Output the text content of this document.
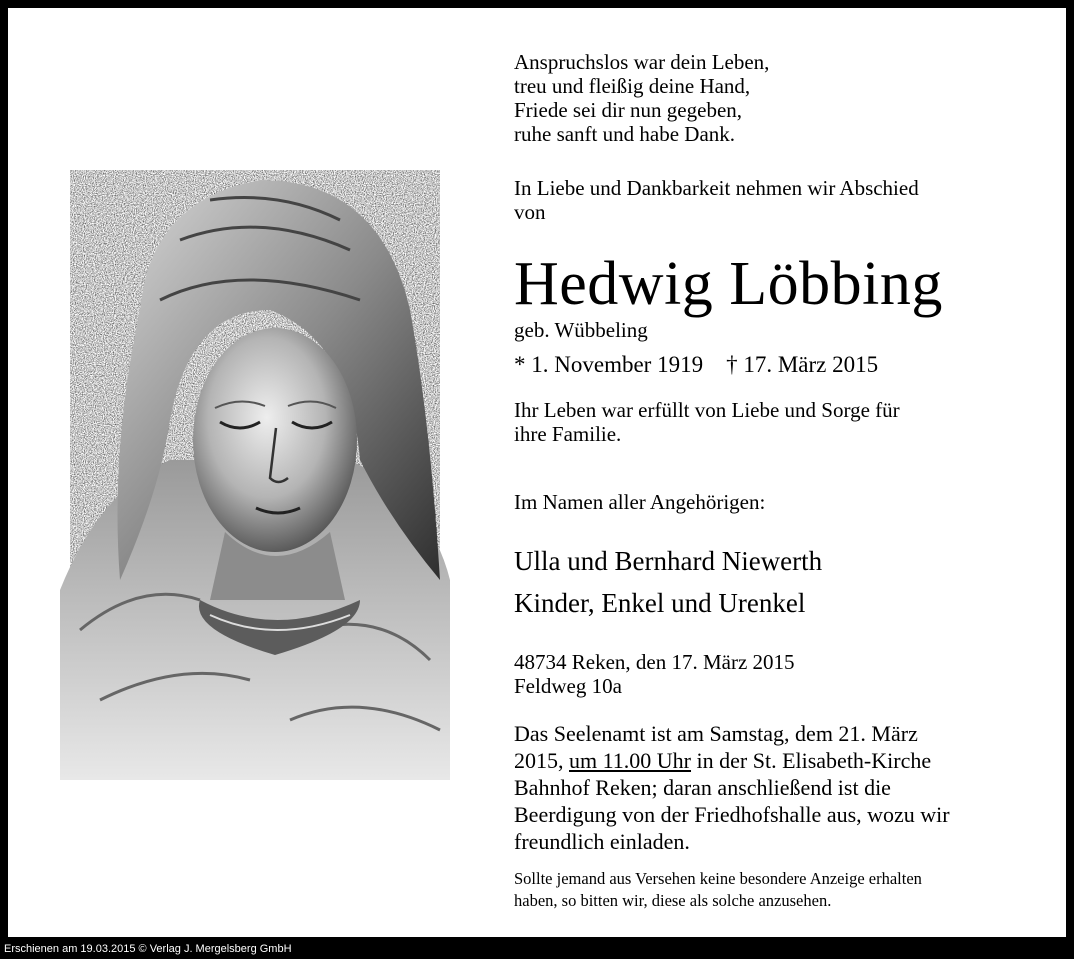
Anspruchslos war dein Leben,
treu und fleißig deine Hand,
Friede sei dir nun gegeben,
ruhe sanft und habe Dank.
In Liebe und Dankbarkeit nehmen wir Abschied
von
Hedwig Löbbing
geb. Wübbeling
* 1. November 1919 † 17. März 2015
Ihr Leben war erfüllt von Liebe und Sorge für
ihre Familie.
Im Namen aller Angehörigen:
Ulla und Bernhard Niewerth
Kinder, Enkel und Urenkel
48734 Reken, den 17. März 2015
Feldweg 10a
Das Seelenamt ist am Samstag, dem 21. März
2015, um 11.00 Uhr in der St. Elisabeth-Kirche
Bahnhof Reken; daran anschließend ist die
Beerdigung von der Friedhofshalle aus, wozu wir
freundlich einladen.
Sollte jemand aus Versehen keine besondere Anzeige erhalten
haben, so bitten wir, diese als solche anzusehen.
Erschienen am 19.03.2015 © Verlag J. Mergelsberg GmbH
